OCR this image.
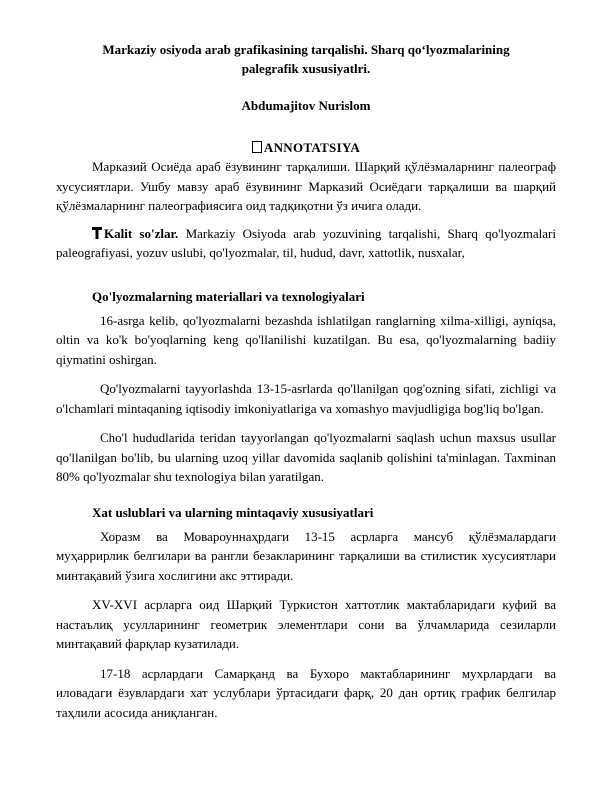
Markaziy osiyoda arab grafikasining tarqalishi. Sharq qo‘lyozmalarining

palegrafik xususiyatlri.

Abdumajitov Nurislom

ANNOTATSIYA

Марказий Осиёда араб ёзувининг тарқалиши. Шарқий қўлёзмаларнинг палеограф хусусиятлари. Ушбу мавзу араб ёзувининг Марказий Осиёдаги тарқалиши ва шарқий қўлёзмаларнинг палеографиясига оид тадқиқотни ўз ичига олади.

Kalit so'zlar. Markaziy Osiyoda arab yozuvining tarqalishi, Sharq qo'lyozmalari paleografiyasi, yozuv uslubi, qo'lyozmalar, til, hudud, davr, xattotlik, nusxalar,

Qo'lyozmalarning materiallari va texnologiyalari

16-asrga kelib, qo'lyozmalarni bezashda ishlatilgan ranglarning xilma-xilligi, ayniqsa, oltin va ko'k bo'yoqlarning keng qo'llanilishi kuzatilgan. Bu esa, qo'lyozmalarning badiiy qiymatini oshirgan.

Qo'lyozmalarni tayyorlashda 13-15-asrlarda qo'llanilgan qog'ozning sifati, zichligi va o'lchamlari mintaqaning iqtisodiy imkoniyatlariga va xomashyo mavjudligiga bog'liq bo'lgan.

Cho'l hududlarida teridan tayyorlangan qo'lyozmalarni saqlash uchun maxsus usullar qo'llanilgan bo'lib, bu ularning uzoq yillar davomida saqlanib qolishini ta'minlagan. Taxminan 80% qo'lyozmalar shu texnologiya bilan yaratilgan.

Xat uslublari va ularning mintaqaviy xususiyatlari

Хоразм ва Мовароуннаҳрдаги 13-15 асрларга мансуб қўлёзмалардаги муҳаррирлик белгилари ва рангли безакларининг тарқалиши ва стилистик хусусиятлари минтақавий ўзига хослигини акс эттиради.

XV-XVI асрларга оид Шарқий Туркистон хаттотлик мактабларидаги куфий ва настаълиқ усулларининг геометрик элементлари сони ва ўлчамларида сезиларли минтақавий фарқлар кузатилади.

17-18 асрлардаги Самарқанд ва Бухоро мактабларининг мухрлардаги ва иловадаги ёзувлардаги хат услублари ўртасидаги фарқ, 20 дан ортиқ график белгилар таҳлили асосида аниқланган.
